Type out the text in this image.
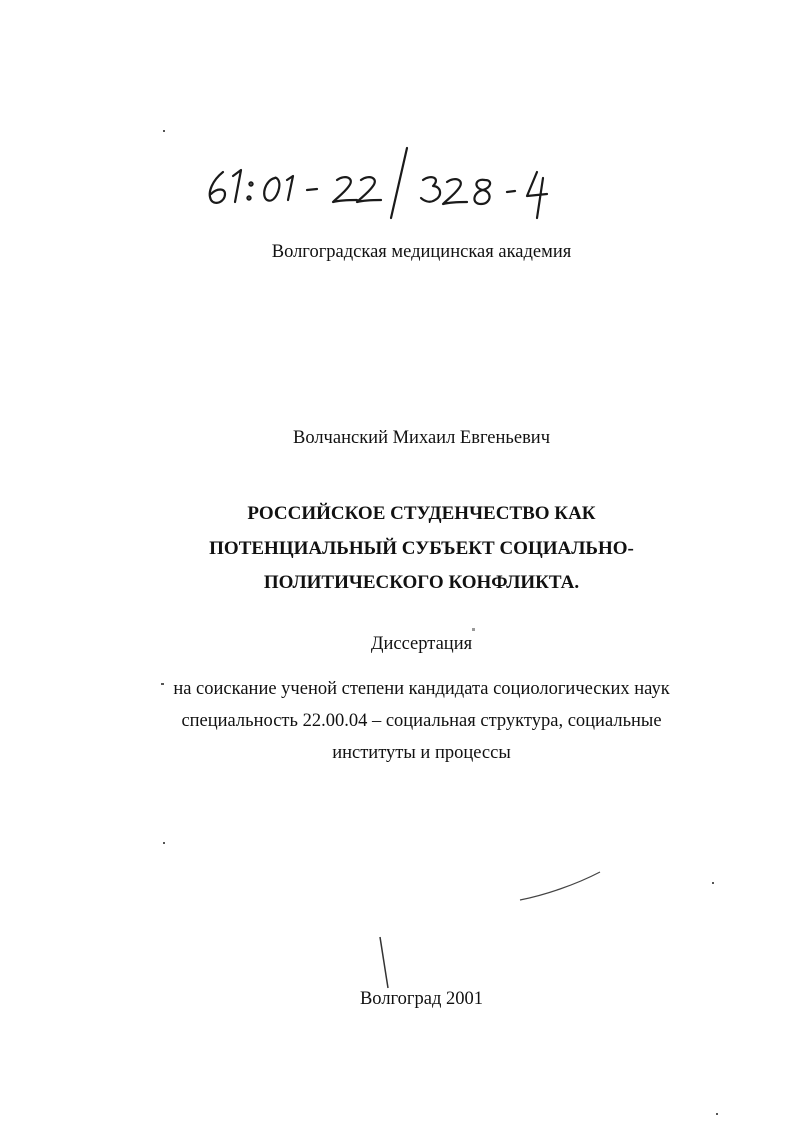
Волгоградская медицинская академия
Волчанский Михаил Евгеньевич
РОССИЙСКОЕ СТУДЕНЧЕСТВО КАК
ПОТЕНЦИАЛЬНЫЙ СУБЪЕКТ СОЦИАЛЬНО-
ПОЛИТИЧЕСКОГО КОНФЛИКТА.
Диссертация
на соискание ученой степени кандидата социологических наук
специальность 22.00.04 – социальная структура, социальные
институты и процессы
Волгоград 2001
